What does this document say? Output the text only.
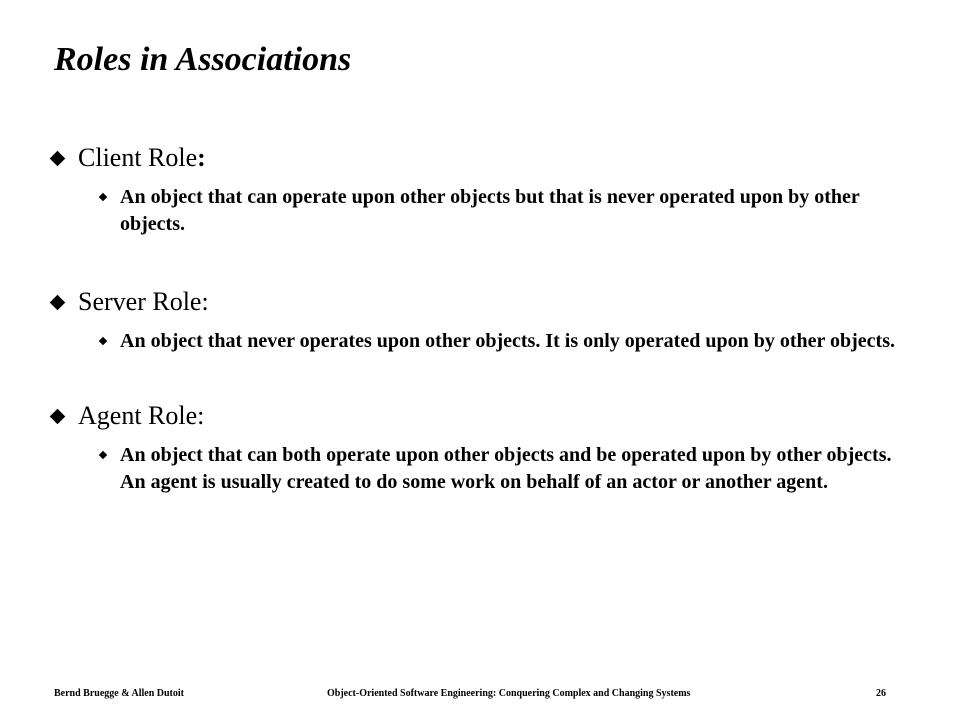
Roles in Associations
Client Role:
An object that can operate upon other objects but that is never operated upon by other objects.
Server Role:
An object that never operates upon other objects. It is only operated upon by other objects.
Agent Role:
An object that can both operate upon other objects and be operated upon by other objects. An agent is usually created to do some work on behalf of an actor or another agent.
Bernd Bruegge & Allen Dutoit	Object-Oriented Software Engineering: Conquering Complex and Changing Systems	26
